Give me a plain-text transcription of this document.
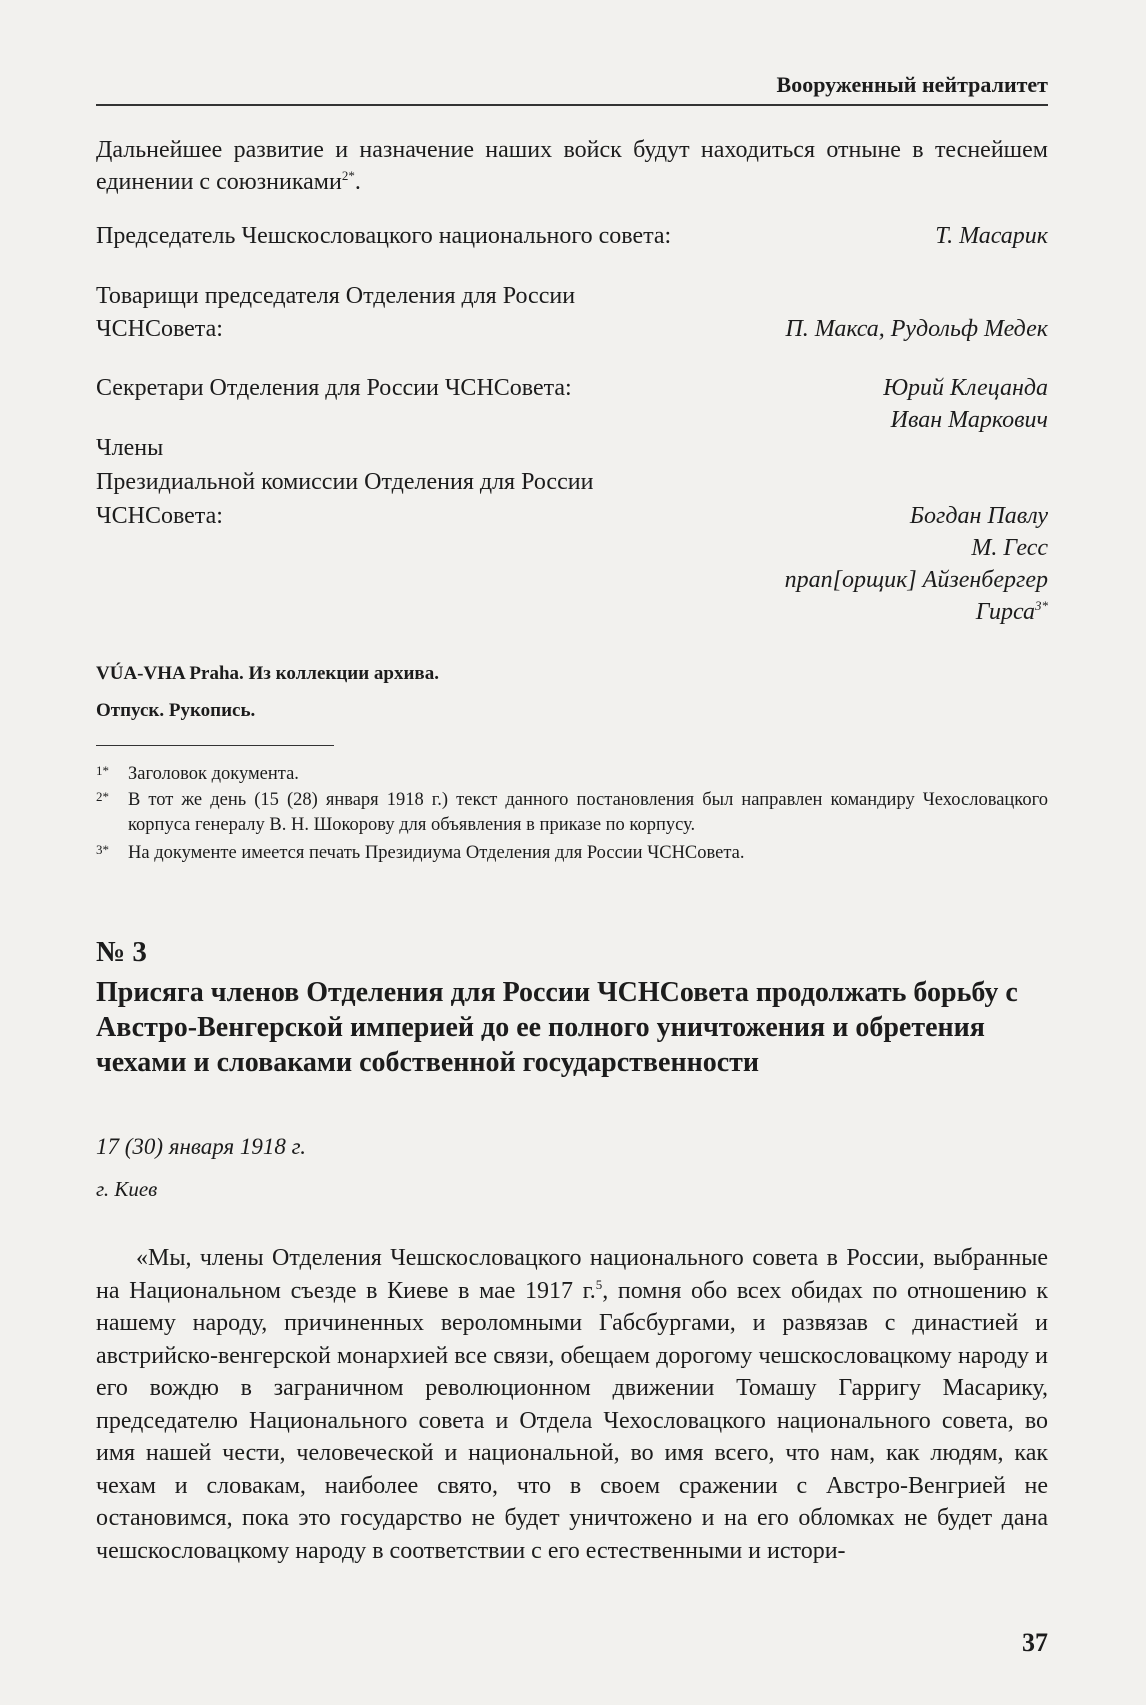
Вооруженный нейтралитет
Дальнейшее развитие и назначение наших войск будут находиться отныне в теснейшем единении с союзниками$^{2*}$.
Председатель Чешскословацкого национального совета:	Т. Масарик
Товарищи председателя Отделения для России
ЧСНСовета:	П. Макса, Рудольф Медек
Секретари Отделения для России ЧСНСовета:	Юрий Клецанда
Иван Маркович
Члены
Президиальной комиссии Отделения для России
ЧСНСовета:	Богдан Павлу
М. Гесс
прап[орщик] Айзенбергер
Гирса$^{3*}$
VÚA-VHA Praha. Из коллекции архива.
Отпуск. Рукопись.
1* Заголовок документа.
2* В тот же день (15 (28) января 1918 г.) текст данного постановления был направлен командиру Чехословацкого корпуса генералу В. Н. Шокорову для объявления в приказе по корпусу.
3* На документе имеется печать Президиума Отделения для России ЧСНСовета.
№ 3
Присяга членов Отделения для России ЧСНСовета продолжать борьбу с Австро-Венгерской империей до ее полного уничтожения и обретения чехами и словаками собственной государственности
17 (30) января 1918 г.
г. Киев
«Мы, члены Отделения Чешскословацкого национального совета в России, выбранные на Национальном съезде в Киеве в мае 1917 г.$^5$, помня обо всех обидах по отношению к нашему народу, причиненных вероломными Габсбургами, и развязав с династией и австрийско-венгерской монархией все связи, обещаем дорогому чешскословацкому народу и его вождю в заграничном революционном движении Томашу Гарригу Масарику, председателю Национального совета и Отдела Чехословацкого национального совета, во имя нашей чести, человеческой и национальной, во имя всего, что нам, как людям, как чехам и словакам, наиболее свято, что в своем сражении с Австро-Венгрией не остановимся, пока это государство не будет уничтожено и на его обломках не будет дана чешскословацкому народу в соответствии с его естественными и истори-
37
